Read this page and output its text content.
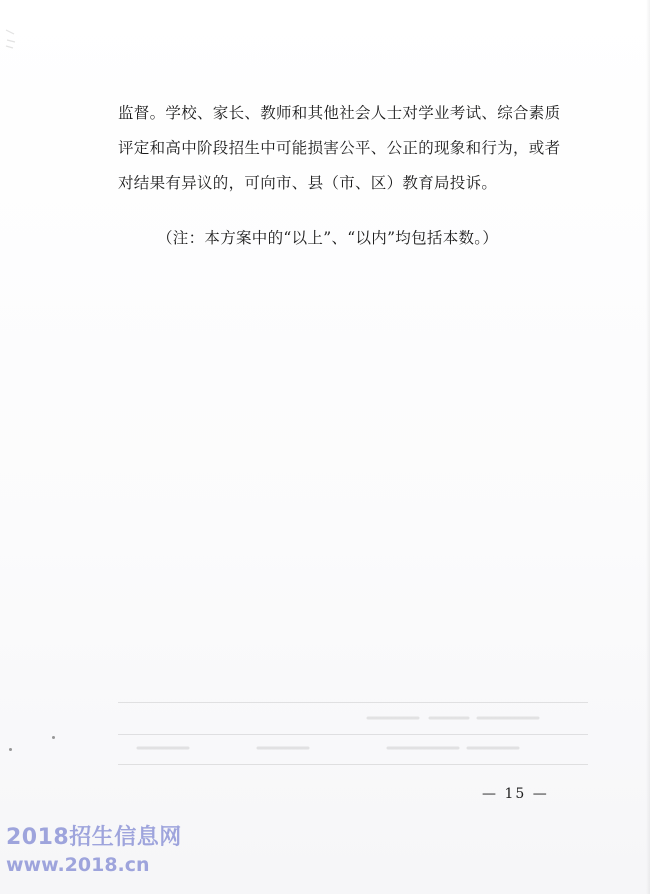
监督。学校、家长、教师和其他社会人士对学业考试、综合素质

评定和高中阶段招生中可能损害公平、公正的现象和行为，或者

对结果有异议的，可向市、县（市、区）教育局投诉。

（注：本方案中的“以上”、“以内”均包括本数。）
— 15 —
2018招生信息网
www.2018.cn
